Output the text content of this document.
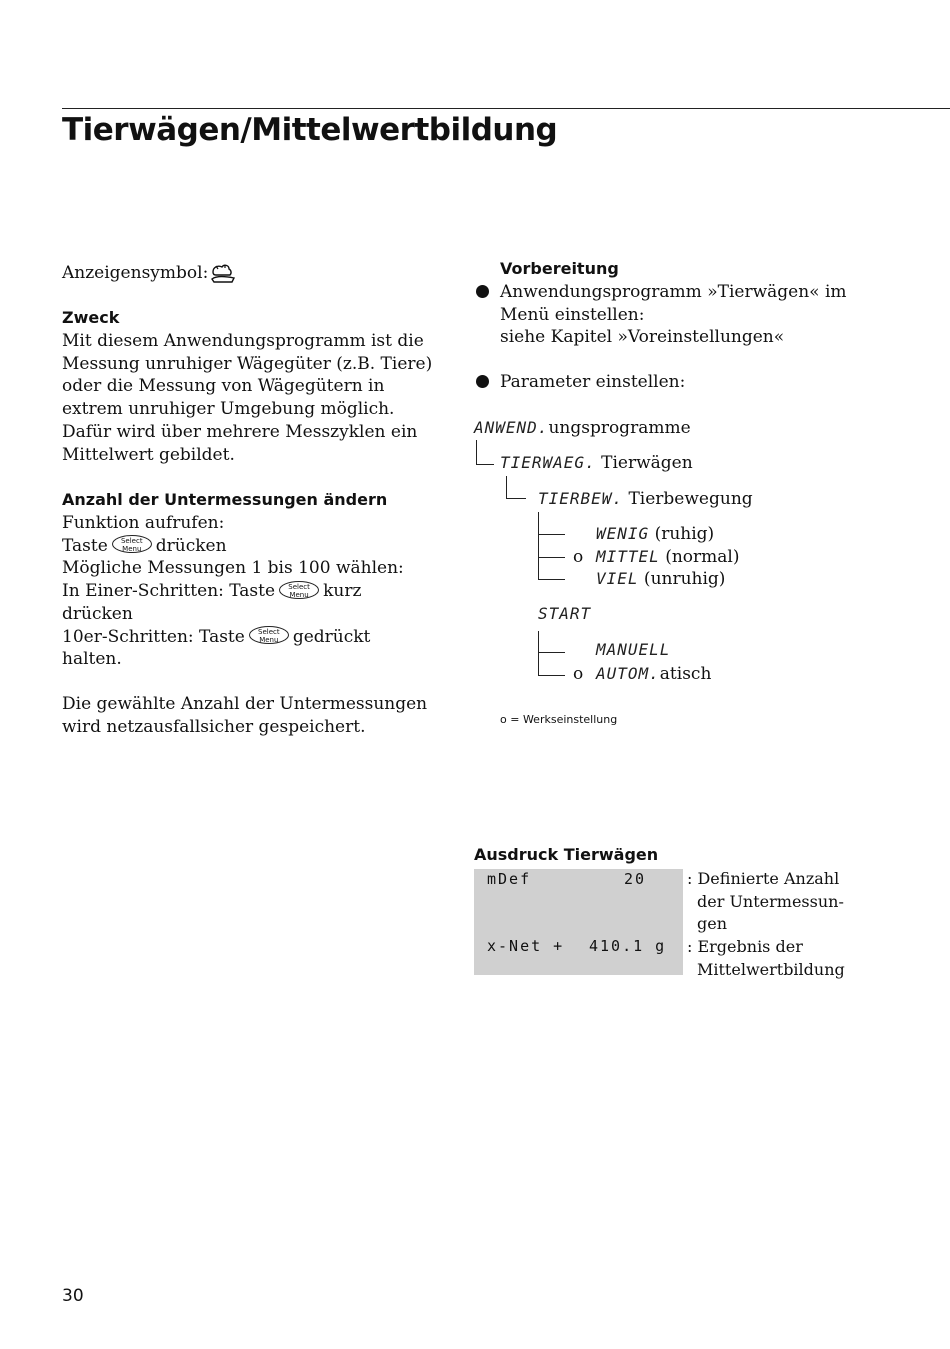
Tierwägen/Mittelwertbildung
Anzeigensymbol:
Zweck
Mit diesem Anwendungsprogramm ist die
Messung unruhiger Wägegüter (z.B. Tiere)
oder die Messung von Wägegütern in
extrem unruhiger Umgebung möglich.
Dafür wird über mehrere Messzyklen ein
Mittelwert gebildet.
Anzahl der Untermessungen ändern
Funktion aufrufen:
Taste	Select
Menu drücken
Mögliche Messungen 1 bis 100 wählen:
In Einer-Schritten: Taste	Select
Menu kurz
drücken
10er-Schritten: Taste	Select
Menu gedrückt
halten.
Die gewählte Anzahl der Untermessungen
wird netzausfallsicher gespeichert.
Vorbereitung
Anwendungsprogramm »Tierwägen« im
Menü einstellen:
siehe Kapitel »Voreinstellungen«
Parameter einstellen:
ANWEND.ungsprogramme
TIERWAEG. Tierwägen
TIERBEW. Tierbewegung
WENIG (ruhig)
o MITTEL (normal)
VIEL (unruhig)
START
MANUELL
o AUTOM.atisch
o = Werkseinstellung
Ausdruck Tierwägen
mDef	20
x-Net + 410.1 g
: Definierte Anzahl
der Untermessun-
gen
: Ergebnis der
Mittelwertbildung
30
